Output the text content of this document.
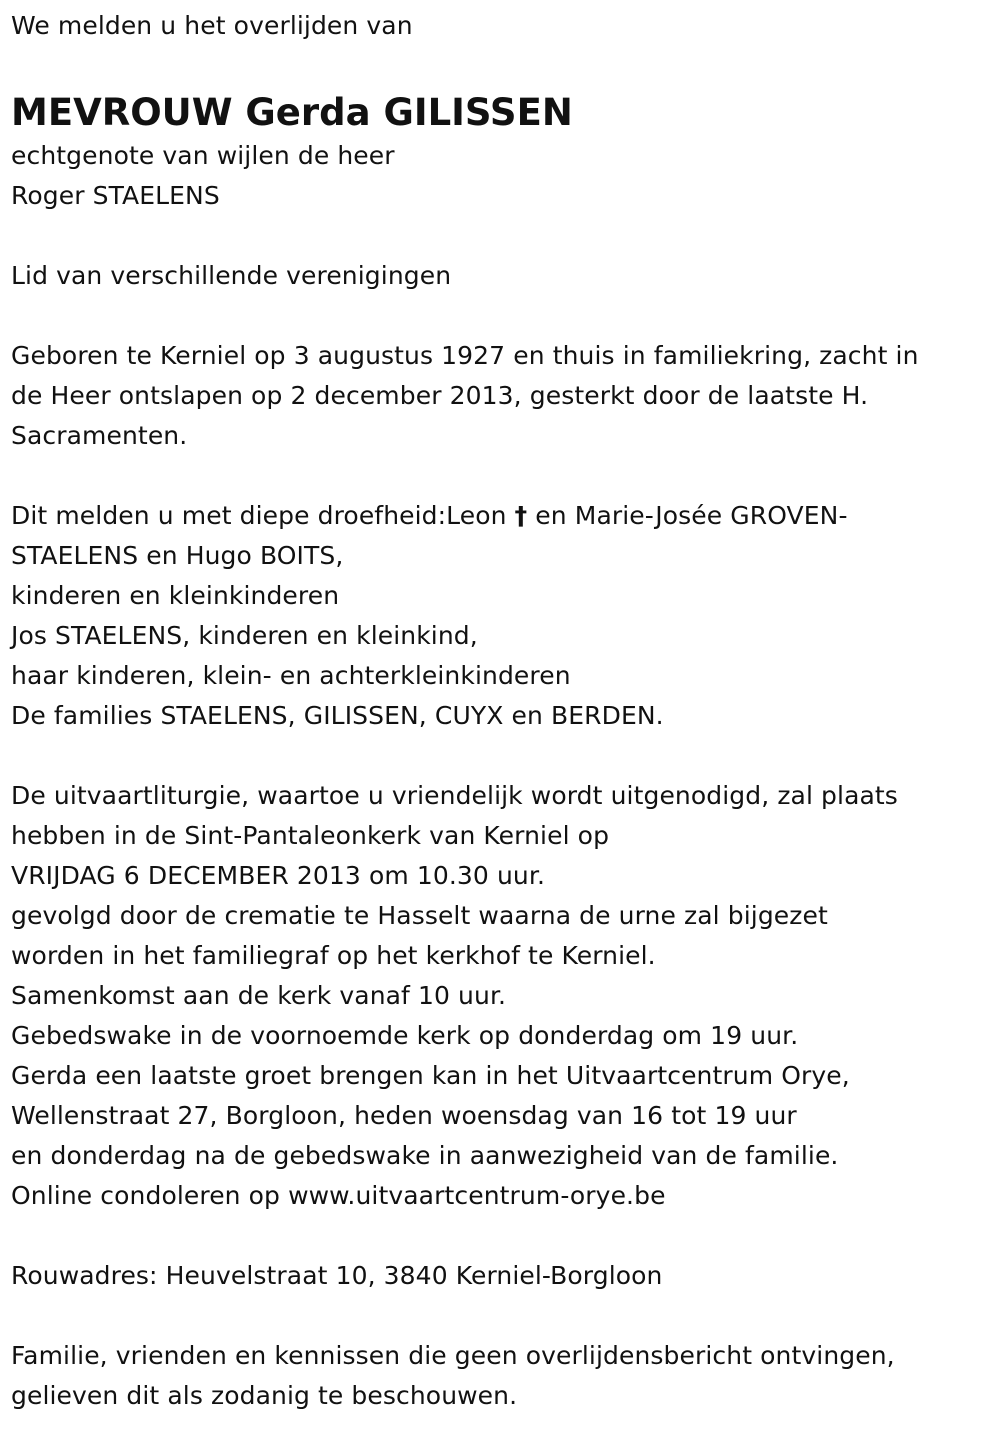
We melden u het overlijden van
MEVROUW Gerda GILISSEN
echtgenote van wijlen de heer
Roger STAELENS
Lid van verschillende verenigingen
Geboren te Kerniel op 3 augustus 1927 en thuis in familiekring, zacht in
de Heer ontslapen op 2 december 2013, gesterkt door de laatste H.
Sacramenten.
Dit melden u met diepe droefheid:Leon † en Marie-Josée GROVEN-
STAELENS en Hugo BOITS,
kinderen en kleinkinderen
Jos STAELENS, kinderen en kleinkind,
haar kinderen, klein- en achterkleinkinderen
De families STAELENS, GILISSEN, CUYX en BERDEN.
De uitvaartliturgie, waartoe u vriendelijk wordt uitgenodigd, zal plaats
hebben in de Sint-Pantaleonkerk van Kerniel op
VRIJDAG 6 DECEMBER 2013 om 10.30 uur.
gevolgd door de crematie te Hasselt waarna de urne zal bijgezet
worden in het familiegraf op het kerkhof te Kerniel.
Samenkomst aan de kerk vanaf 10 uur.
Gebedswake in de voornoemde kerk op donderdag om 19 uur.
Gerda een laatste groet brengen kan in het Uitvaartcentrum Orye,
Wellenstraat 27, Borgloon, heden woensdag van 16 tot 19 uur
en donderdag na de gebedswake in aanwezigheid van de familie.
Online condoleren op www.uitvaartcentrum-orye.be
Rouwadres: Heuvelstraat 10, 3840 Kerniel-Borgloon
Familie, vrienden en kennissen die geen overlijdensbericht ontvingen,
gelieven dit als zodanig te beschouwen.
